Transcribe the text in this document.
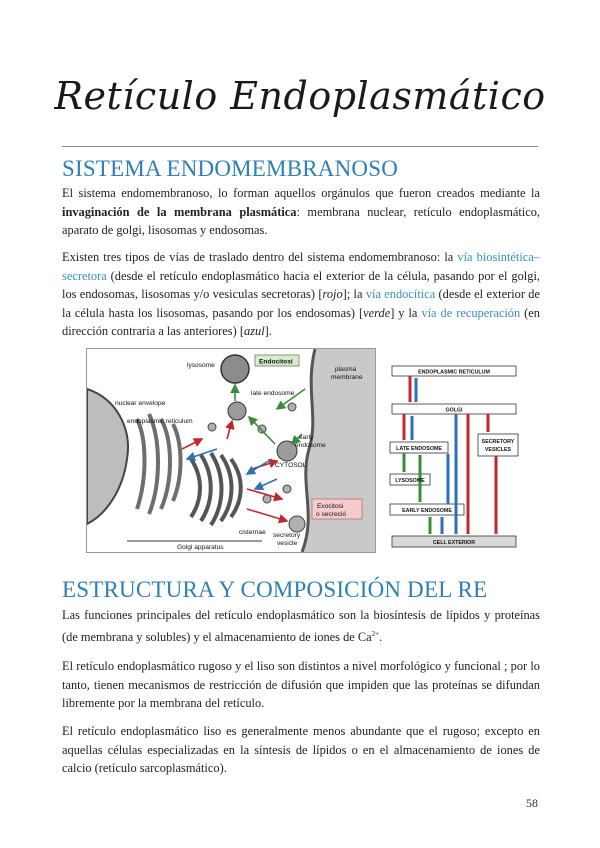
Retículo Endoplasmático
SISTEMA ENDOMEMBRANOSO

El sistema endomembranoso, lo forman aquellos orgánulos que fueron creados mediante la invaginación de la membrana plasmática: membrana nuclear, retículo endoplasmático, aparato de golgi, lisosomas y endosomas.

Existen tres tipos de vías de traslado dentro del sistema endomembranoso: la vía biosintética–secretora (desde el retículo endoplasmático hacia el exterior de la célula, pasando por el golgi, los endosomas, lisosomas y/o vesiculas secretoras) [rojo]; la vía endocítica (desde el exterior de la célula hasta los lisosomas, pasando por los endosomas) [verde] y la vía de recuperación (en dirección contraria a las anteriores) [azul].

lysosome	Endocitosi
plasma
membrane
late endosome
nuclear envelope
endoplasmic reticulum
early
endosome
CYTOSOL
Exocitosi
o secreció
cisternae secretory
vesicle
Golgi apparatus
ENDOPLASMIC RETICULUM
GOLGI
LATE ENDOSOME
SECRETORY
VESICLES
LYSOSOME
EARLY ENDOSOME
CELL EXTERIOR
ESTRUCTURA Y COMPOSICIÓN DEL RE

Las funciones principales del retículo endoplasmático son la biosíntesis de lípidos y proteínas (de membrana y solubles) y el almacenamiento de iones de $Ca^{2+}$.

El retículo endoplasmático rugoso y el liso son distintos a nivel morfológico y funcional ; por lo tanto, tienen mecanismos de restricción de difusión que impiden que las proteínas se difundan libremente por la membrana del retículo.

El retículo endoplasmático liso es generalmente menos abundante que el rugoso; excepto en aquellas células especializadas en la síntesis de lípidos o en el almacenamiento de iones de calcio (retículo sarcoplasmático).

58
